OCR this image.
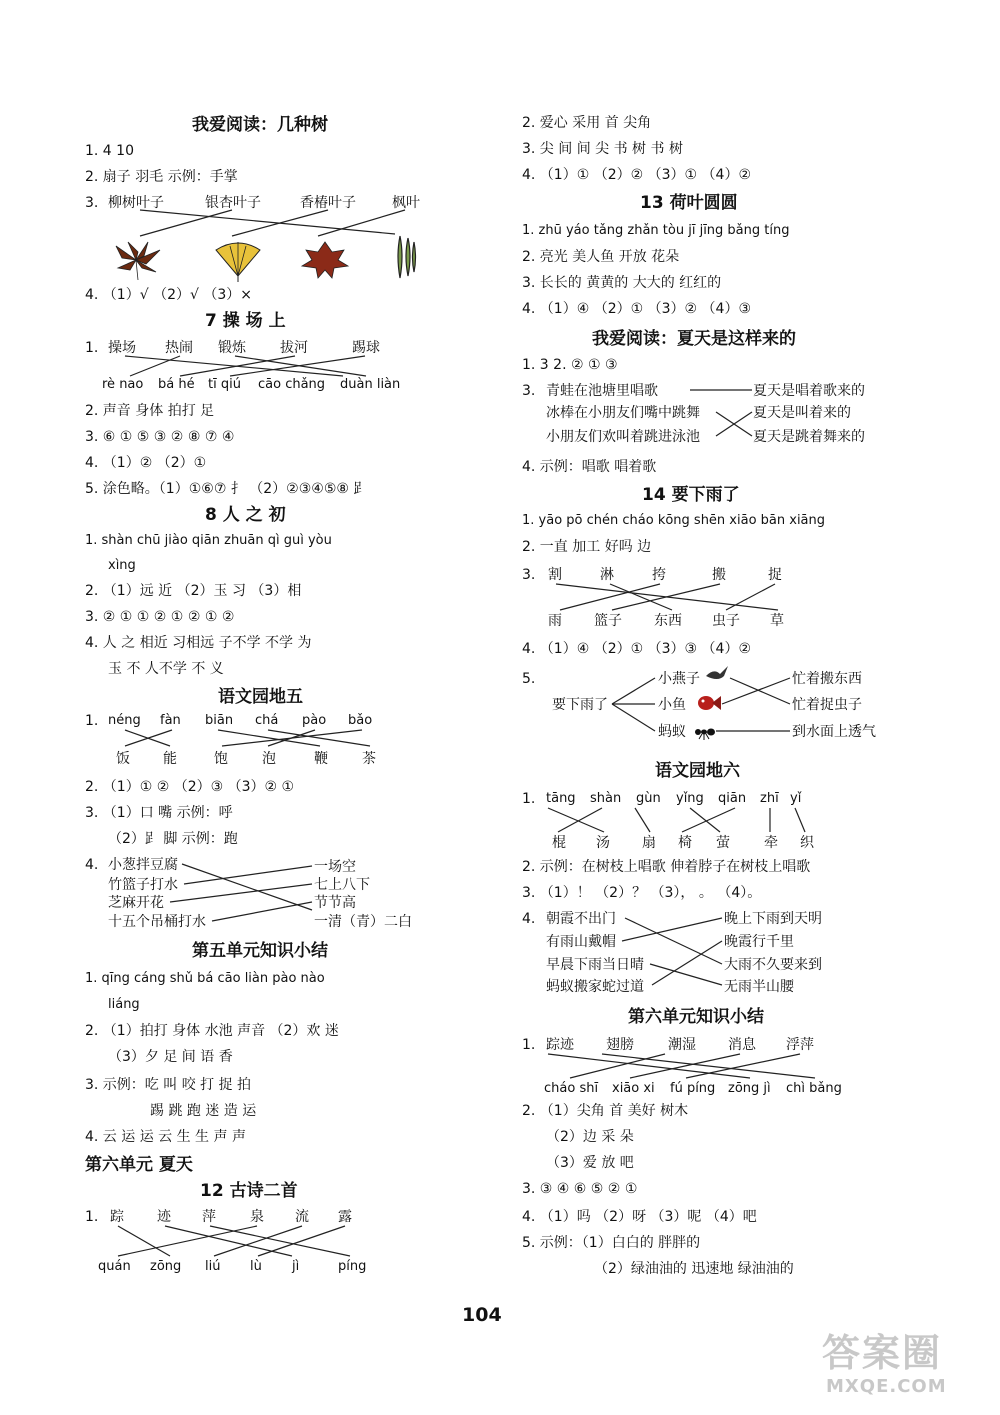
我爱阅读：几种树
1. 4 10
2. 扇子 羽毛 示例：手掌
3. 柳树叶子	银杏叶子	香椿叶子	枫叶
4. （1）√ （2）√ （3）×
7 操 场 上
1. 操场 热闹 锻炼 拔河	踢球
rè nao bá hé tī qiú cāo chǎng duàn liàn
2. 声音 身体 拍打 足
3. ⑥ ① ⑤ ③ ② ⑧ ⑦ ④
4. （1）② （2）①
5. 涂色略。（1）①⑥⑦ 扌 （2）②③④⑤⑧ 𧾷
8 人 之 初
1. shàn chū jiào qiān zhuān qì guì yòu
xìng
2. （1）远 近 （2）玉 习 （3）相
3. ② ① ① ② ① ② ① ②
4. 人 之 相近 习相远 子不学 不学 为
玉 不 人不学 不 义
语文园地五
1. néng fàn biān chá pào bǎo
饭 能	饱 泡	鞭 茶
2. （1）① ② （2）③ （3）② ①
3. （1）口 嘴 示例：呼
（2）𧾷 脚 示例：跑
4. 小葱拌豆腐
竹篮子打水
芝麻开花
十五个吊桶打水
一场空
七上八下
节节高
一清（青）二白
第五单元知识小结
1. qīng cáng shǔ bá cāo liàn pào nào
liáng
2. （1）拍打 身体 水池 声音 （2）欢 迷
（3）夕 足 间 语 香
3. 示例：吃 叫 咬 打 捉 拍
踢 跳 跑 迷 造 运
4. 云 运 运 云 生 生 声 声
第六单元 夏天
12 古诗二首
1. 踪 迹 萍 泉 流 露
quán zōng liú lù jì	píng
2. 爱心 采用 首 尖角
3. 尖 间 间 尖 书 树 书 树
4. （1）① （2）② （3）① （4）②
13 荷叶圆圆
1. zhū yáo tǎng zhǎn tòu jī jīng bǎng tíng
2. 亮光 美人鱼 开放 花朵
3. 长长的 黄黄的 大大的 红红的
4. （1）④ （2）① （3）② （4）③
我爱阅读：夏天是这样来的
1. 3 2. ② ① ③
3. 青蛙在池塘里唱歌
冰棒在小朋友们嘴中跳舞
小朋友们欢叫着跳进泳池
夏天是唱着歌来的
夏天是叫着来的
夏天是跳着舞来的
4. 示例：唱歌 唱着歌
14 要下雨了
1. yāo pō chén cháo kōng shēn xiāo bān xiāng
2. 一直 加工 好吗 边
3. 割	淋	挎	搬	捉
雨 篮子 东西 虫子 草
4. （1）④ （2）① （3）③ （4）②
5.
要下雨了
小燕子
小鱼
蚂蚁
忙着搬东西
忙着捉虫子
到水面上透气
语文园地六
1. tāng shàn gùn yǐng qiān zhī yǐ
棍 汤 扇 椅 萤 牵 织
2. 示例：在树枝上唱歌 伸着脖子在树枝上唱歌
3. （1）！ （2）？ （3）， 。 （4）。
4. 朝霞不出门
有雨山戴帽
早晨下雨当日晴
蚂蚁搬家蛇过道
晚上下雨到天明
晚霞行千里
大雨不久要来到
无雨半山腰
第六单元知识小结
1. 踪迹 翅膀 潮湿 消息 浮萍
cháo shī xiāo xi fú píng zōng jì chì bǎng
2. （1）尖角 首 美好 树木
（2）边 采 朵
（3）爱 放 吧
3. ③ ④ ⑥ ⑤ ② ①
4. （1）吗 （2）呀 （3）呢 （4）吧
5. 示例：（1）白白的 胖胖的
（2）绿油油的 迅速地 绿油油的
104
答案圈
MXQE.COM
